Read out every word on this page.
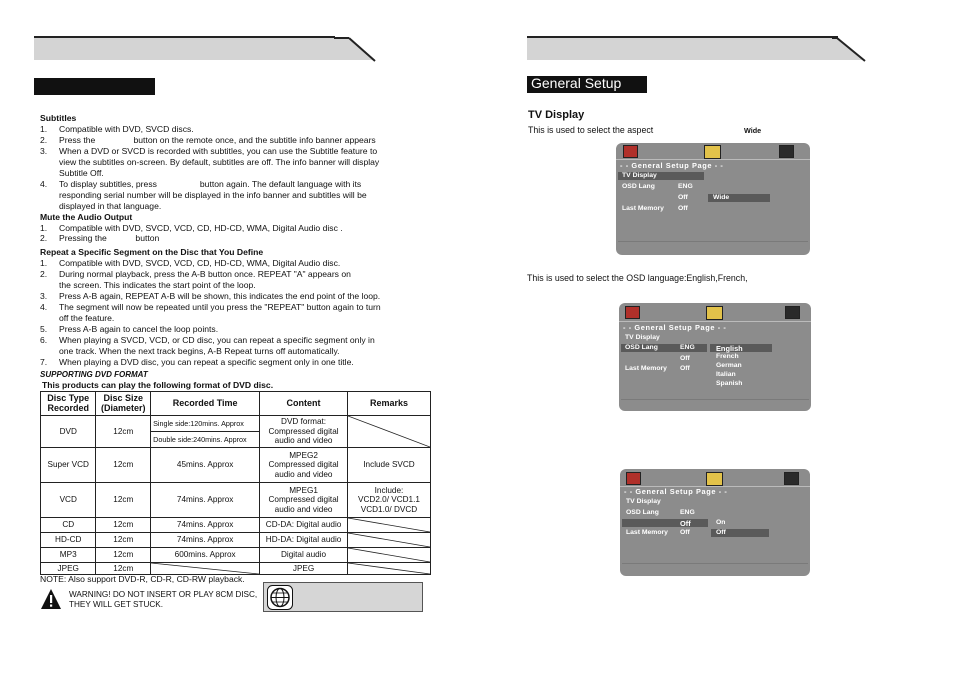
Subtitles
1. Compatible with DVD, SVCD discs.
2. Press the                button on the remote once, and the subtitle info banner appears
3. When a DVD or SVCD is recorded with subtitles, you can use the Subtitle feature to
view the subtitles on-screen. By default, subtitles are off. The info banner will display
Subtitle Off.
4. To display subtitles, press                  button again. The default language with its
responding serial number will be displayed in the info banner and subtitles will be
displayed in that language.
Mute the Audio Output
1. Compatible with DVD, SVCD, VCD, CD, HD-CD, WMA, Digital Audio disc .
2. Pressing the            button
Repeat a Specific Segment on the Disc that You Define
1. Compatible with DVD, SVCD, VCD, CD, HD-CD, WMA, Digital Audio disc.
2. During normal playback, press the A-B button once. REPEAT "A" appears on
the screen. This indicates the start point of the loop.
3. Press A-B again, REPEAT A-B will be shown, this indicates the end point of the loop.
4. The segment will now be repeated until you press the "REPEAT" button again to turn
off the feature.
5. Press A-B again to cancel the loop points.
6. When playing a SVCD, VCD, or CD disc, you can repeat a specific segment only in
one track. When the next track begins, A-B Repeat turns off automatically.
7. When playing a DVD disc, you can repeat a specific segment only in one title.
SUPPORTING DVD FORMAT
This products can play the following format of DVD disc.
Disc Type
Recorded	Disc Size
(Diameter)	Recorded Time	Content	Remarks
DVD	12cm	Single side:120mins. Approx	DVD format:
Compressed digital
audio and video	

		Double side:240mins. Approx		
Super VCD	12cm	45mins. Approx	MPEG2
Compressed digital
audio and video	Include SVCD
VCD	12cm	74mins. Approx	MPEG1
Compressed digital
audio and video	Include:
VCD2.0/ VCD1.1
VCD1.0/ DVCD
CD	12cm	74mins. Approx	CD-DA: Digital audio	

HD-CD	12cm	74mins. Approx	HD-DA: Digital audio	

MP3	12cm	600mins. Approx	Digital audio	

JPEG	12cm		JPEG	
NOTE: Also support DVD-R, CD-R, CD-RW playback.
WARNING! DO NOT INSERT OR PLAY 8CM DISC,
THEY WILL GET STUCK.
General Setup
TV Display
This is used to select the aspect	Wide
- - General Setup Page - -
TV Display
OSD Lang	ENG
Off	Wide
Last Memory Off
This is used to select the OSD language:English,French,
- - General Setup Page - -
TV Display
OSD Lang	ENG
Off
Last Memory Off
English
French
German
Italian
Spanish
- - General Setup Page - -
TV Display
OSD Lang	ENG
Off
Last Memory Off
On
Off
